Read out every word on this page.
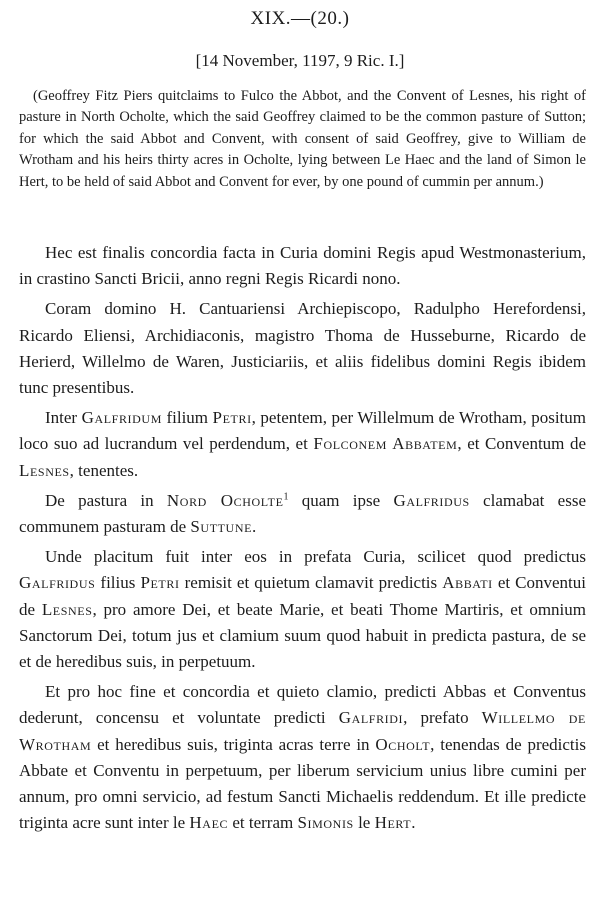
XIX.—(20.)
[14 November, 1197, 9 Ric. I.]

(Geoffrey Fitz Piers quitclaims to Fulco the Abbot, and the Convent of Lesnes, his right of pasture in North Ocholte, which the said Geoffrey claimed to be the common pasture of Sutton; for which the said Abbot and Convent, with consent of said Geoffrey, give to William de Wrotham and his heirs thirty acres in Ocholte, lying between Le Haec and the land of Simon le Hert, to be held of said Abbot and Convent for ever, by one pound of cummin per annum.)

Hec est finalis concordia facta in Curia domini Regis apud Westmonasterium, in crastino Sancti Bricii, anno regni Regis Ricardi nono.

Coram domino H. Cantuariensi Archiepiscopo, Radulpho Herefordensi, Ricardo Eliensi, Archidiaconis, magistro Thoma de Husseburne, Ricardo de Herierd, Willelmo de Waren, Justiciariis, et aliis fidelibus domini Regis ibidem tunc presentibus.

Inter Galfridum filium Petri, petentem, per Willelmum de Wrotham, positum loco suo ad lucrandum vel perdendum, et Folconem Abbatem, et Conventum de Lesnes, tenentes.

De pastura in Nord Ocholte$^1$ quam ipse Galfridus clamabat esse communem pasturam de Suttune.

Unde placitum fuit inter eos in prefata Curia, scilicet quod predictus Galfridus filius Petri remisit et quietum clamavit predictis Abbati et Conventui de Lesnes, pro amore Dei, et beate Marie, et beati Thome Martiris, et omnium Sanctorum Dei, totum jus et clamium suum quod habuit in predicta pastura, de se et de heredibus suis, in perpetuum.

Et pro hoc fine et concordia et quieto clamio, predicti Abbas et Conventus dederunt, concensu et voluntate predicti Galfridi, prefato Willelmo de Wrotham et heredibus suis, triginta acras terre in Ocholt, tenendas de predictis Abbate et Conventu in perpetuum, per liberum servicium unius libre cumini per annum, pro omni servicio, ad festum Sancti Michaelis reddendum. Et ille predicte triginta acre sunt inter le Haec et terram Simonis le Hert.
